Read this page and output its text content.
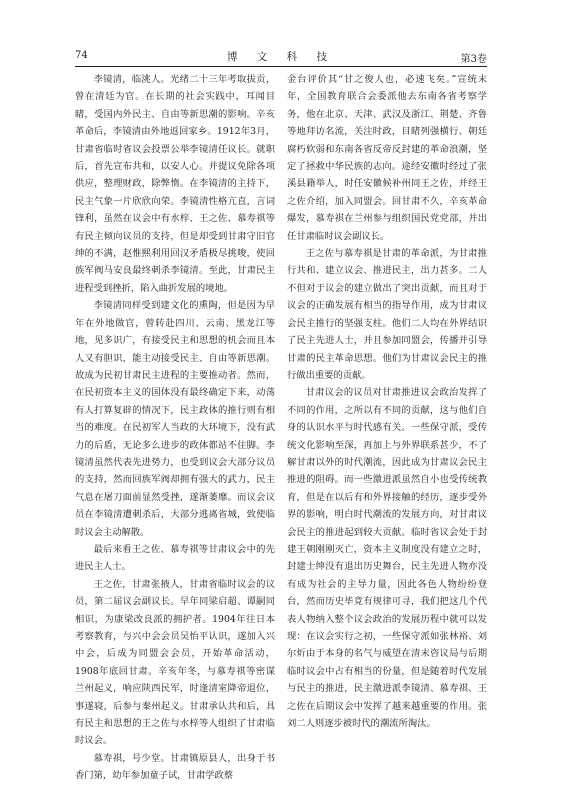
74	博 文 科 技	第3卷

李镜清，临洮人。光绪二十三年考取拔贡，曾在清廷为官。在长期的社会实践中，耳闻目睹，受国内外民主、自由等新思潮的影响。辛亥革命后，李镜清由外地返回家乡。1912年3月，甘肃省临时省议会投票公举李镜清任议长。就职后，首先宣布共和，以安人心。并提议免除各项供应，整理财政，除弊惰。在李镜清的主持下，民主气象一片欣欣向荣。李镜清性格亢直，言词锋利，虽然在议会中有水梓、王之佐、慕寿祺等有民主倾向议员的支持，但是却受到甘肃守旧官绅的不满，赵惟熙利用回汉矛盾极尽挑唆，使回族军阀马安良最终刺杀李镜清。至此，甘肃民主进程受到挫折，陷入曲折发展的境地。

李镜清同样受到建文化的熏陶，但是因为早年在外地做官，曾转赴四川、云南、黑龙江等地，见多识广，有接受民主和思想的机会而且本人又有胆识，能主动接受民主、自由等新思潮。故成为民初甘肃民主进程的主要推动者。然而，在民初资本主义的国体没有最终确定下来，动荡有人打算复辟的情况下，民主政体的推行则有相当的难度。在民初军人当政的大环境下，没有武力的后盾，无论多么进步的政体都站不住脚。李镜清虽然代表先进势力，也受到议会大部分议员的支持，然而回族军阀却拥有强大的武力，民主气息在屠刀面前显然受挫，遂渐萎靡。而议会议员在李镜清遭刺杀后，大部分逃离省城，致使临时议会主动解散。

最后来看王之佐、慕寿祺等甘肃议会中的先进民主人士。

王之佐，甘肃张掖人，甘肃省临时议会的议员，第二届议会副议长。早年同梁启超、谭嗣同相识，为康梁改良派的拥护者。1904年往日本考察教育，与兴中会会员吴怡平认识，遂加入兴中会，后成为同盟会会员，开始革命活动，1908年底回甘肃。辛亥年冬，与慕寿祺等密谋兰州起义，响应陕西民军，时逢清室降帝退位，事遂寝，后参与秦州起义。甘肃承认共和后，具有民主和思想的王之佐与水梓等人组织了甘肃临时议会。

慕寿祺，号少堂。甘肃镇原县人，出身于书香门第，幼年参加童子试，甘肃学政蔡

金台评价其“甘之俊人也，必速飞矣。”宣统末年，全国教育联合会委派他去东南各省考察学务，他在北京、天津、武汉及浙江、荆楚、齐鲁等地拜访名流，关注时政，目睹列强横行、朝廷腐朽软弱和东南各省反帝反封建的革命浪潮，坚定了拯救中华民族的志向。途经安徽时经过了张溪县籍举人，时任安徽候补州同王之佐，并经王之佐介绍，加入同盟会。回甘肃不久，辛亥革命爆发，慕寿祺在兰州参与组织国民党党部，并出任甘肃临时议会副议长。

王之佐与慕寿祺是甘肃的革命派，为甘肃推行共和、建立议会、推进民主，出力甚多。二人不但对于议会的建立做出了突出贡献，而且对于议会的正确发展有相当的指导作用，成为甘肃议会民主推行的坚强支柱。他们二人均在外界结识了民主先进人士，并且参加同盟会，传播并引导甘肃的民主革命思想。他们为甘肃议会民主的推行做出重要的贡献。

甘肃议会的议员对甘肃推进议会政治发挥了不同的作用，之所以有不同的贡献，这与他们自身的认识水平与时代感有关。一些保守派，受传统文化影响至深，再加上与外界联系甚少，不了解甘肃以外的时代潮流，因此成为甘肃议会民主推进的阻碍。而一些激进派虽然自小也受传统教育，但是在以后有和外界接触的经历，逐步受外界的影响，明白时代潮流的发展方向，对甘肃议会民主的推进起到较大贡献。临时省议会处于封建王朝刚刚灭亡，资本主义制度没有建立之时，封建士绅没有退出历史舞台，民主先进人物亦没有成为社会的主导力量，因此各色人物纷纷登台，然而历史毕竟有规律可寻，我们把这几个代表人物纳入整个议会政治的发展历程中就可以发现：在议会实行之初，一些保守派如张林裕、刘尔炘由于本身的名气与威望在清末咨议局与后期临时议会中占有相当的份量，但是随着时代发展与民主的推进，民主激进派李镜清、慕寿祺、王之佐在后期议会中发挥了越来越重要的作用。张刘二人则逐步被时代的潮流所淘汰。
